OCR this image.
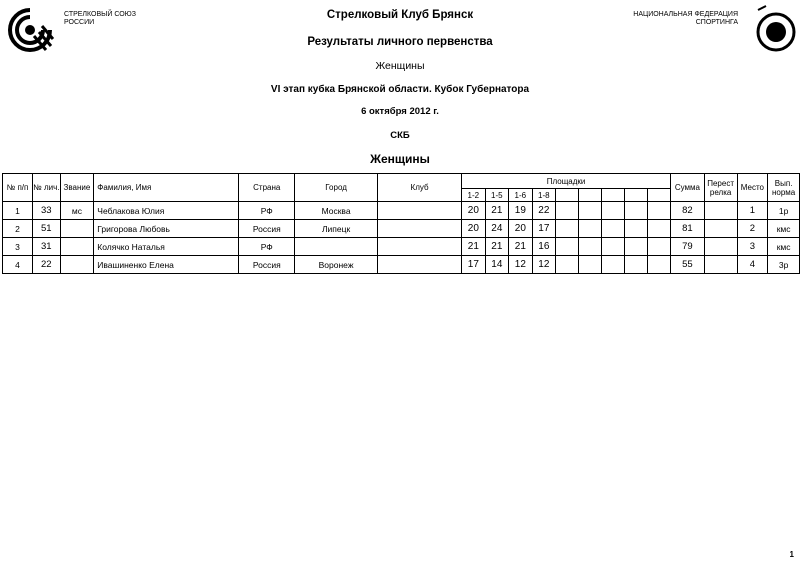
СТРЕЛКОВЫЙ СОЮЗ
РОССИИ
НАЦИОНАЛЬНАЯ ФЕДЕРАЦИЯ
СПОРТИНГА
Стрелковый Клуб Брянск
Результаты личного первенства
Женщины
VI этап кубка Брянской области. Кубок Губернатора
6 октября 2012 г.
СКБ
Женщины
№ п/п	№ лич.	Звание	Фамилия, Имя	Страна	Город	Клуб	Площадки									Сумма	Перест релка	Место	Вып. норма
							1-2	1-5	1-6	1-8									
1	33	мс	Чеблакова Юлия	РФ	Москва		20	21	19	22						82		1	1р
2	51		Григорова Любовь	Россия	Липецк		20	24	20	17						81		2	кмс
3	31		Колячко Наталья	РФ			21	21	21	16						79		3	кмс
4	22		Ивашиненко Елена	Россия	Воронеж		17	14	12	12						55		4	3р
1
